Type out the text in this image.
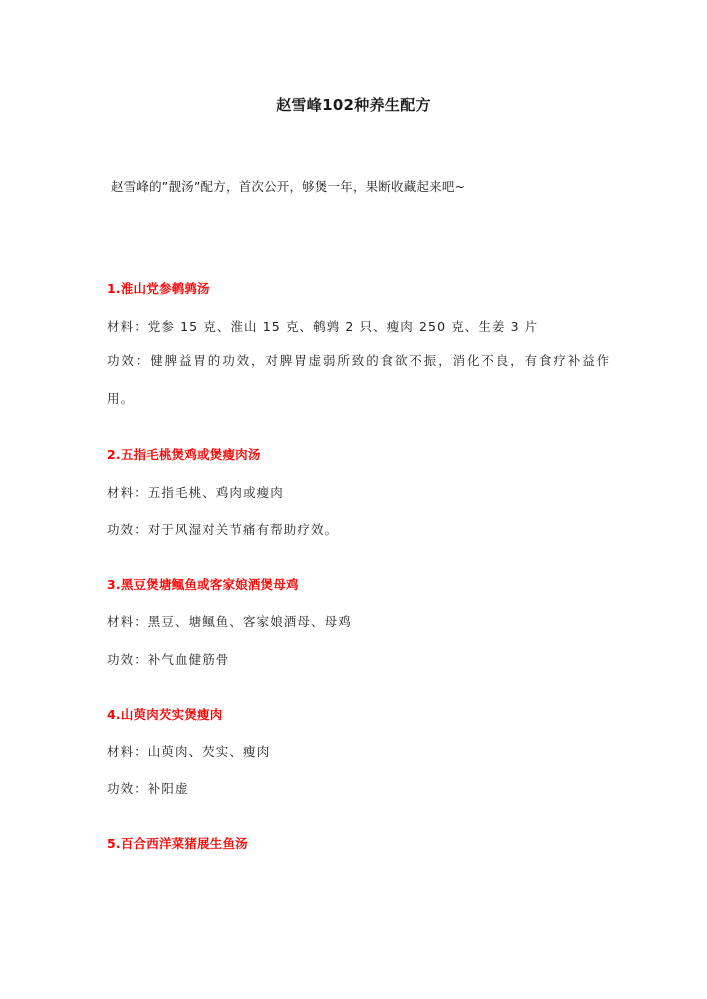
赵雪峰102种养生配方
赵雪峰的”靓汤”配方，首次公开，够煲一年，果断收藏起来吧~
1.淮山党参鹌鹑汤
材料：党参 15 克、淮山 15 克、鹌鹑 2 只、瘦肉 250 克、生姜 3 片
功效：健脾益胃的功效，对脾胃虚弱所致的食欲不振，消化不良，有食疗补益作
用。
2.五指毛桃煲鸡或煲瘦肉汤
材料：五指毛桃、鸡肉或瘦肉
功效：对于风湿对关节痛有帮助疗效。
3.黑豆煲塘鲺鱼或客家娘酒煲母鸡
材料：黑豆、塘鲺鱼、客家娘酒母、母鸡
功效：补气血健筋骨
4.山萸肉芡实煲瘦肉
材料：山萸肉、芡实、瘦肉
功效：补阳虚
5.百合西洋菜猪展生鱼汤
